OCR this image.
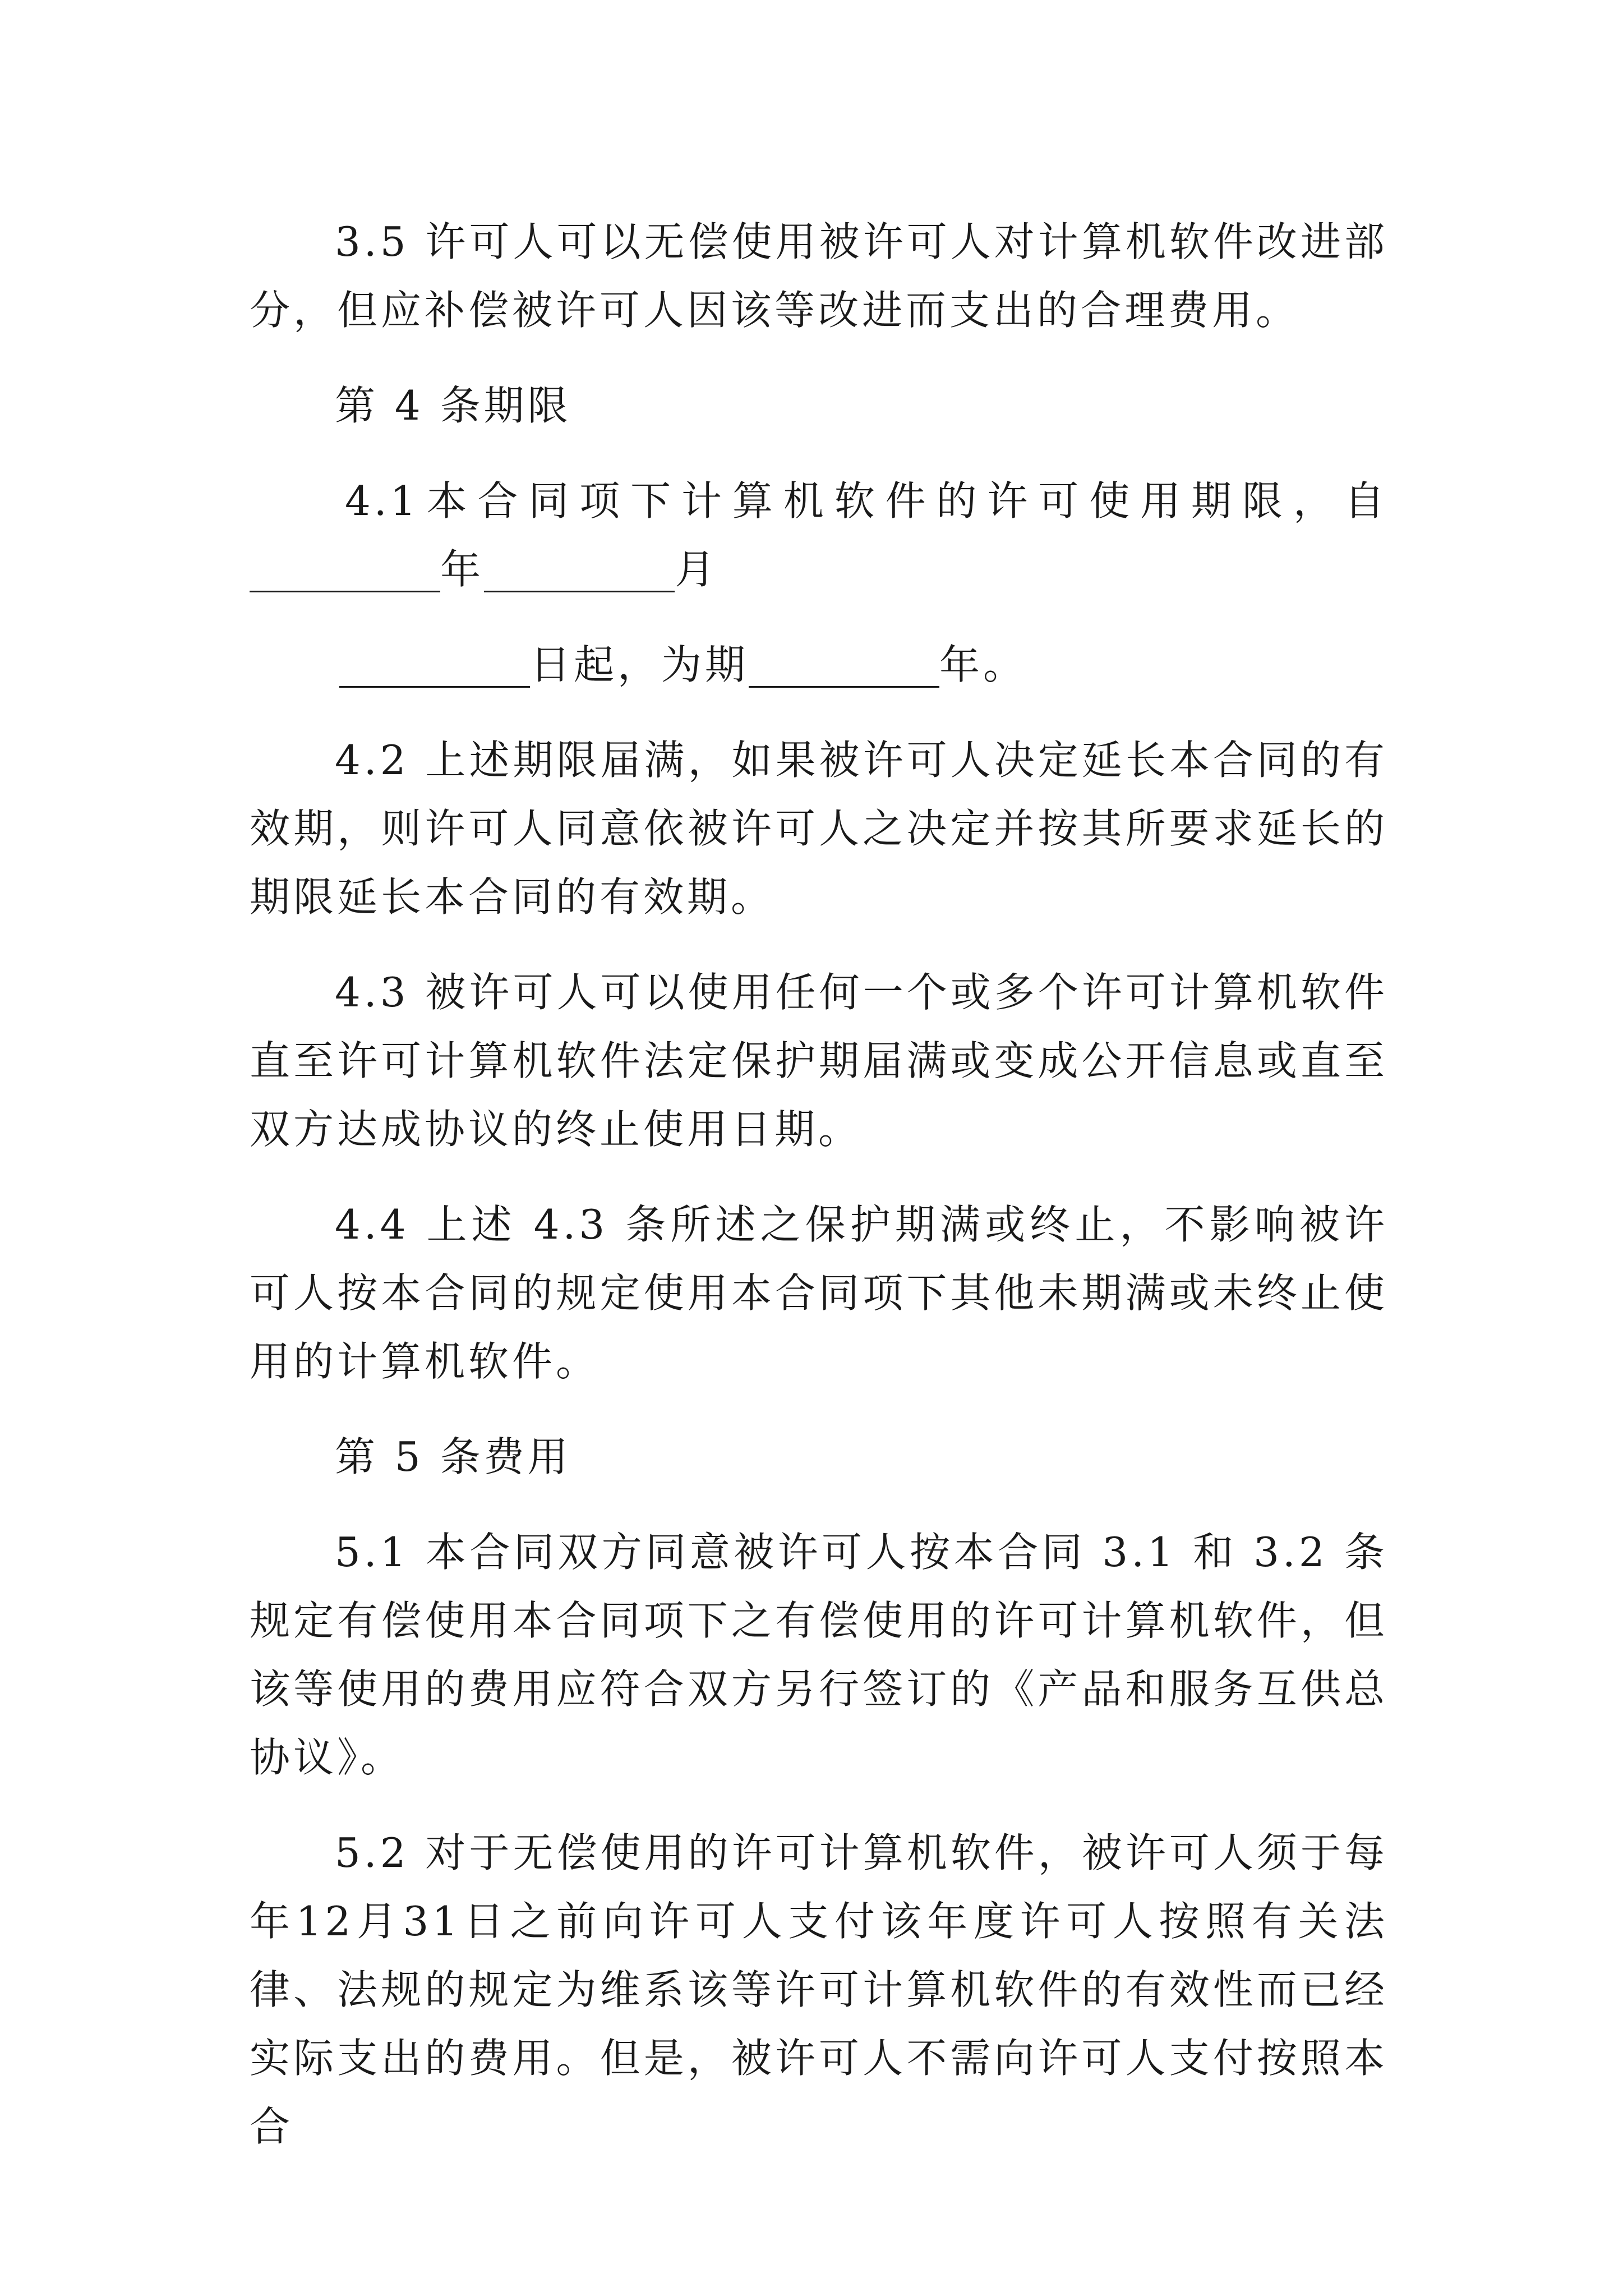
3.5 许可人可以无偿使用被许可人对计算机软件改进部分，但应补偿被许可人因该等改进而支出的合理费用。

第 4 条期限

4.1 本 合 同 项 下 计 算 机 软 件 的 许 可 使 用 期 限 ， 自
年	月
日起，为期	年。

4.2 上述期限届满，如果被许可人决定延长本合同的有效期，则许可人同意依被许可人之决定并按其所要求延长的期限延长本合同的有效期。

4.3 被许可人可以使用任何一个或多个许可计算机软件直至许可计算机软件法定保护期届满或变成公开信息或直至双方达成协议的终止使用日期。

4.4 上述 4.3 条所述之保护期满或终止，不影响被许可人按本合同的规定使用本合同项下其他未期满或未终止使用的计算机软件。

第 5 条费用

5.1 本合同双方同意被许可人按本合同 3.1 和 3.2 条规定有偿使用本合同项下之有偿使用的许可计算机软件，但该等使用的费用应符合双方另行签订的《产品和服务互供总协议》。

5.2 对于无偿使用的许可计算机软件，被许可人须于每年12月31日之前向许可人支付该年度许可人按照有关法律、法规的规定为维系该等许可计算机软件的有效性而已经实际支出的费用。但是，被许可人不需向许可人支付按照本合
